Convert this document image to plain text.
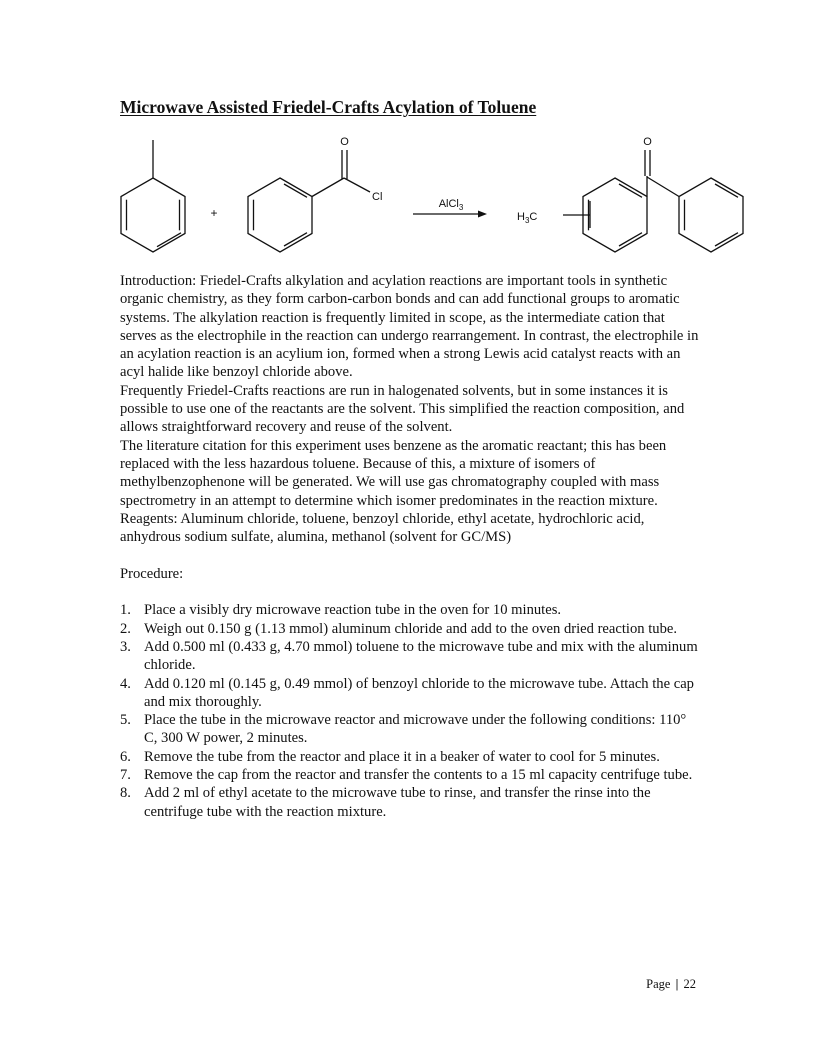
Microwave Assisted Friedel-Crafts Acylation of Toluene
+
O
Cl
AlCl$_3$
O
$H_3C$

Introduction: Friedel-Crafts alkylation and acylation reactions are important tools in synthetic organic chemistry, as they form carbon-carbon bonds and can add functional groups to aromatic systems. The alkylation reaction is frequently limited in scope, as the intermediate cation that serves as the electrophile in the reaction can undergo rearrangement. In contrast, the electrophile in an acylation reaction is an acylium ion, formed when a strong Lewis acid catalyst reacts with an acyl halide like benzoyl chloride above.

Frequently Friedel-Crafts reactions are run in halogenated solvents, but in some instances it is possible to use one of the reactants are the solvent. This simplified the reaction composition, and allows straightforward recovery and reuse of the solvent.

The literature citation for this experiment uses benzene as the aromatic reactant; this has been replaced with the less hazardous toluene. Because of this, a mixture of isomers of methylbenzophenone will be generated. We will use gas chromatography coupled with mass spectrometry in an attempt to determine which isomer predominates in the reaction mixture.

Reagents: Aluminum chloride, toluene, benzoyl chloride, ethyl acetate, hydrochloric acid, anhydrous sodium sulfate, alumina, methanol (solvent for GC/MS)

Procedure:

1. Place a visibly dry microwave reaction tube in the oven for 10 minutes.
2. Weigh out 0.150 g (1.13 mmol) aluminum chloride and add to the oven dried reaction tube.
3. Add 0.500 ml (0.433 g, 4.70 mmol) toluene to the microwave tube and mix with the aluminum chloride.
4. Add 0.120 ml (0.145 g, 0.49 mmol) of benzoyl chloride to the microwave tube. Attach the cap and mix thoroughly.
5. Place the tube in the microwave reactor and microwave under the following conditions: 110° C, 300 W power, 2 minutes.
6. Remove the tube from the reactor and place it in a beaker of water to cool for 5 minutes.
7. Remove the cap from the reactor and transfer the contents to a 15 ml capacity centrifuge tube.
8. Add 2 ml of ethyl acetate to the microwave tube to rinse, and transfer the rinse into the centrifuge tube with the reaction mixture.
Page | 22
